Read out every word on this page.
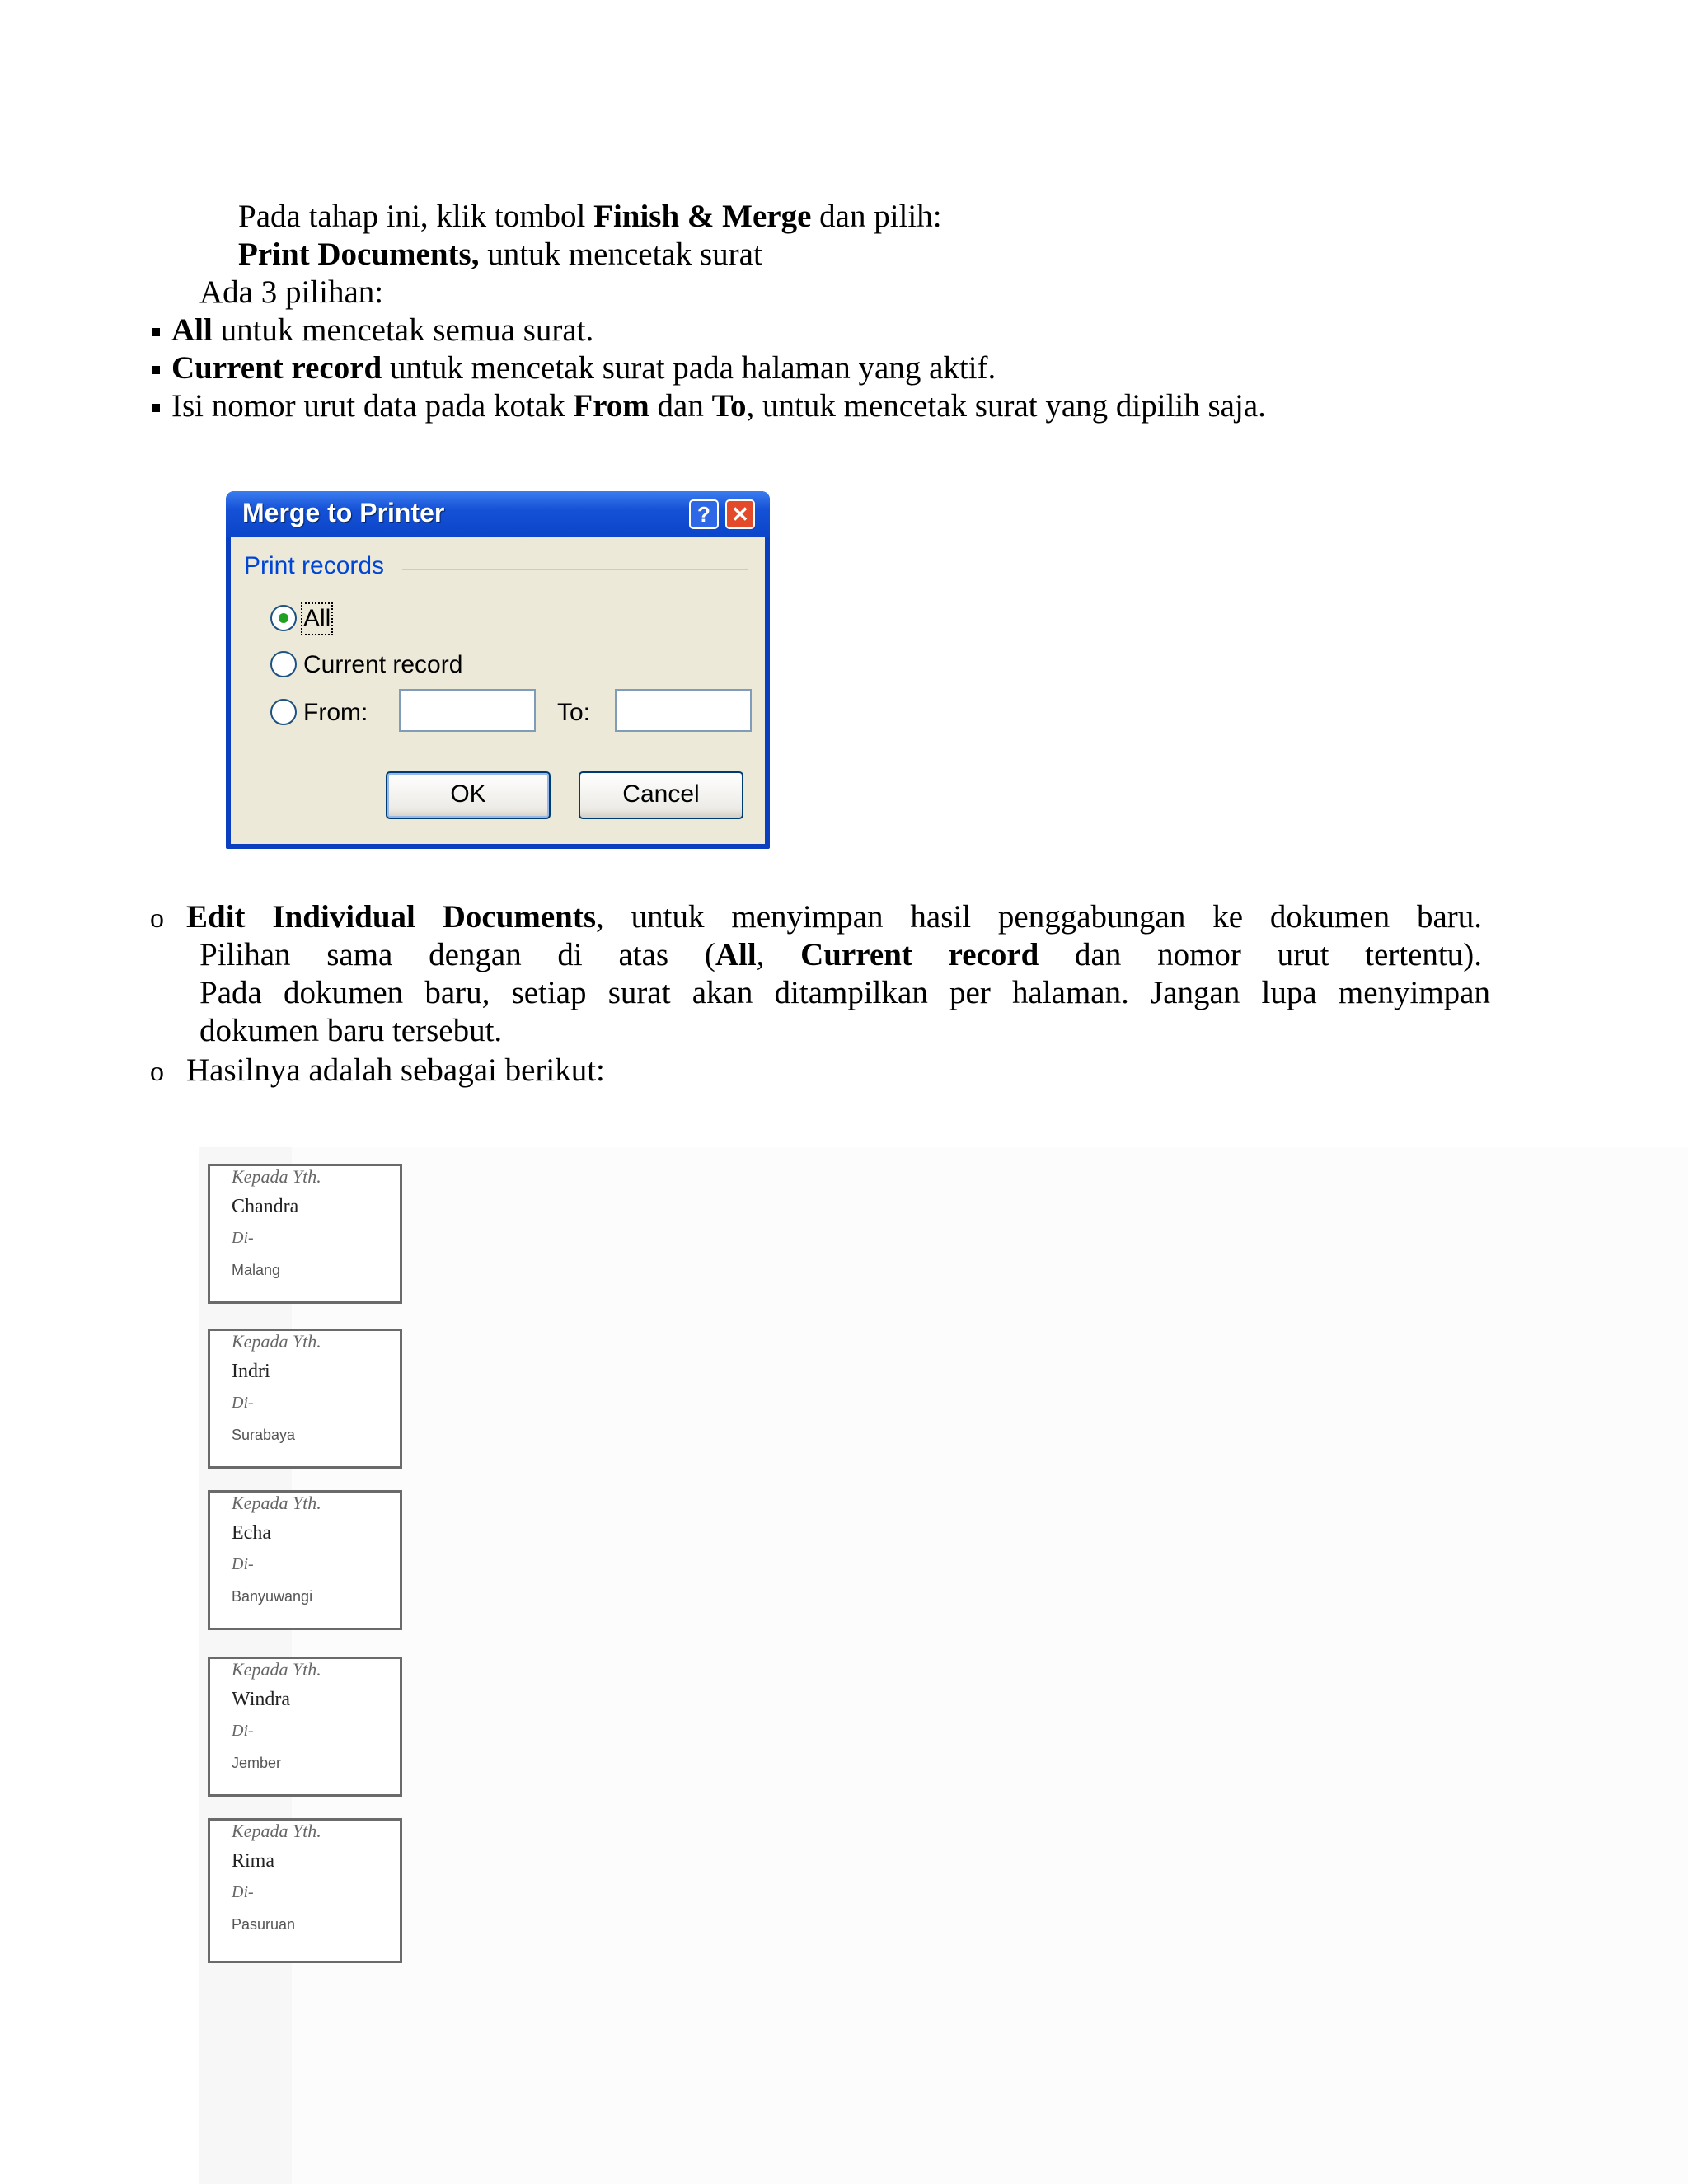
Pada tahap ini, klik tombol Finish & Merge dan pilih:
Print Documents, untuk mencetak surat
Ada 3 pilihan:
All untuk mencetak semua surat.
Current record untuk mencetak surat pada halaman yang aktif.
Isi nomor urut data pada kotak From dan To, untuk mencetak surat yang dipilih saja.
Merge to Printer	? ✕
Print records
All
Current record
From:	To:
OK	Cancel
o Edit Individual Documents, untuk menyimpan hasil penggabungan ke dokumen baru.
Pilihan sama dengan di atas (All, Current record dan nomor urut tertentu).
Pada dokumen baru, setiap surat akan ditampilkan per halaman. Jangan lupa menyimpan
dokumen baru tersebut.
o Hasilnya adalah sebagai berikut:
Kepada Yth.
Chandra
Di-
Malang
Kepada Yth.
Indri
Di-
Surabaya
Kepada Yth.
Echa
Di-
Banyuwangi
Kepada Yth.
Windra
Di-
Jember
Kepada Yth.
Rima
Di-
Pasuruan
